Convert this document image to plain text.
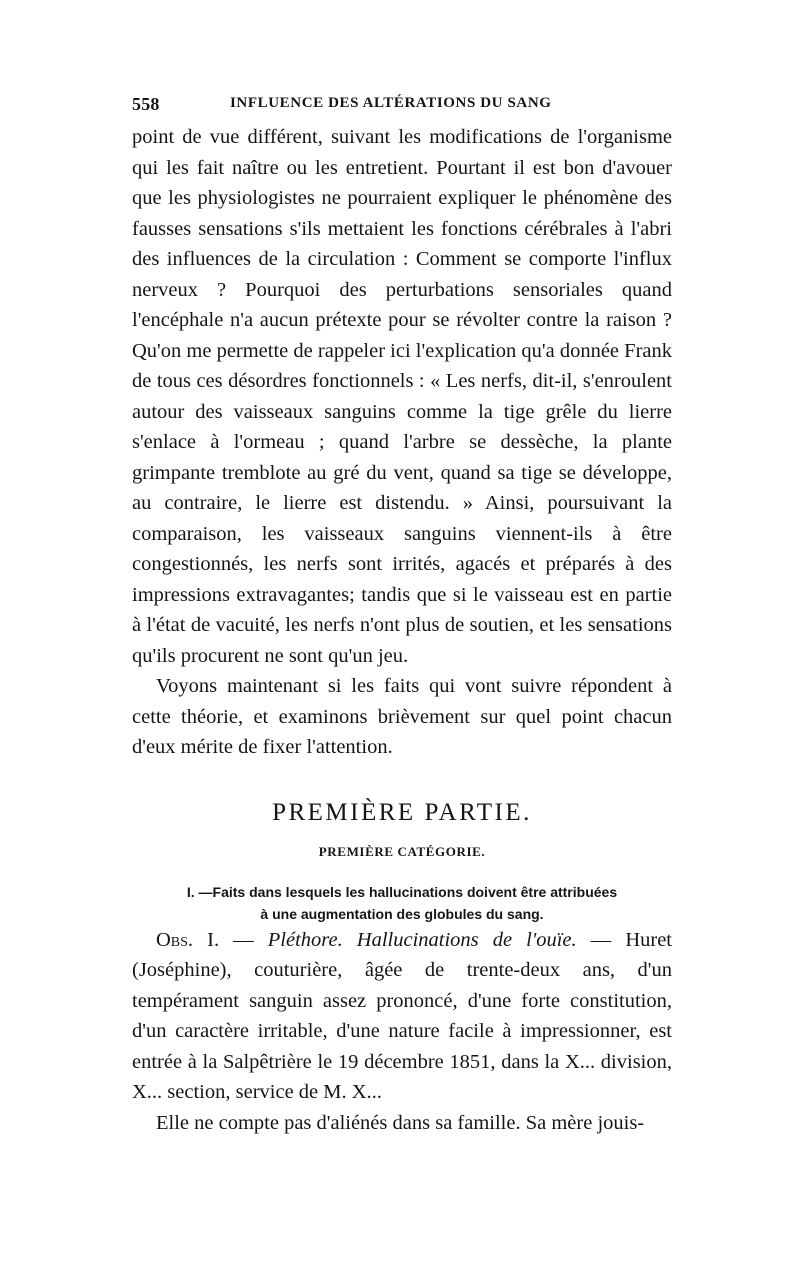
558	INFLUENCE DES ALTÉRATIONS DU SANG

point de vue différent, suivant les modifications de l'organisme qui les fait naître ou les entretient. Pourtant il est bon d'avouer que les physiologistes ne pourraient expliquer le phénomène des fausses sensations s'ils mettaient les fonctions cérébrales à l'abri des influences de la circulation : Comment se comporte l'influx nerveux ? Pourquoi des perturbations sensoriales quand l'encéphale n'a aucun prétexte pour se révolter contre la raison ? Qu'on me permette de rappeler ici l'explication qu'a donnée Frank de tous ces désordres fonctionnels : « Les nerfs, dit-il, s'enroulent autour des vaisseaux sanguins comme la tige grêle du lierre s'enlace à l'ormeau ; quand l'arbre se dessèche, la plante grimpante tremblote au gré du vent, quand sa tige se développe, au contraire, le lierre est distendu. » Ainsi, poursuivant la comparaison, les vaisseaux sanguins viennent-ils à être congestionnés, les nerfs sont irrités, agacés et préparés à des impressions extravagantes; tandis que si le vaisseau est en partie à l'état de vacuité, les nerfs n'ont plus de soutien, et les sensations qu'ils procurent ne sont qu'un jeu.

Voyons maintenant si les faits qui vont suivre répondent à cette théorie, et examinons brièvement sur quel point chacun d'eux mérite de fixer l'attention.

PREMIÈRE PARTIE.
PREMIÈRE CATÉGORIE.
I. —Faits dans lesquels les hallucinations doivent être attribuées
à une augmentation des globules du sang.

Obs. I. — Pléthore. Hallucinations de l'ouïe. — Huret (Joséphine), couturière, âgée de trente-deux ans, d'un tempérament sanguin assez prononcé, d'une forte constitution, d'un caractère irritable, d'une nature facile à impressionner, est entrée à la Salpêtrière le 19 décembre 1851, dans la X... division, X... section, service de M. X...

Elle ne compte pas d'aliénés dans sa famille. Sa mère jouis-
